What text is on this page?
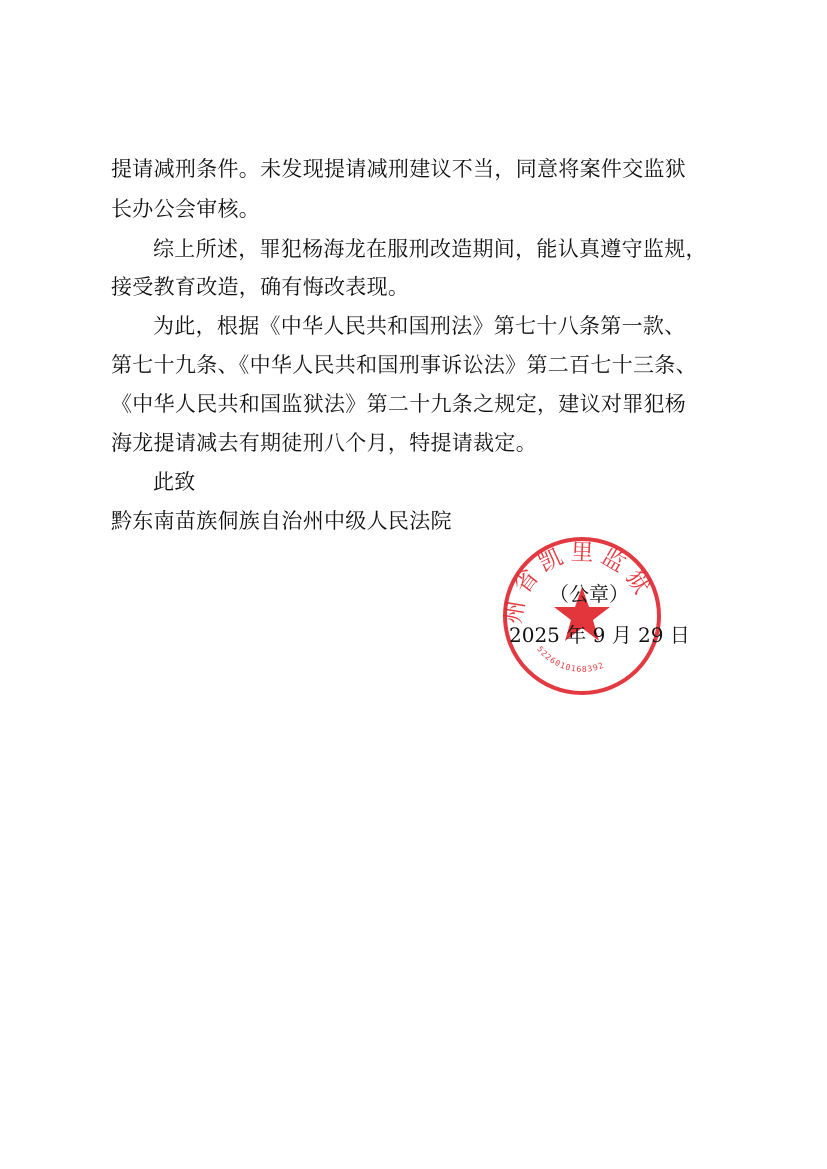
提请减刑条件。未发现提请减刑建议不当，同意将案件交监狱
长办公会审核。
综上所述，罪犯杨海龙在服刑改造期间，能认真遵守监规，
接受教育改造，确有悔改表现。
为此，根据《中华人民共和国刑法》第七十八条第一款、
第七十九条、《中华人民共和国刑事诉讼法》第二百七十三条、
《中华人民共和国监狱法》第二十九条之规定，建议对罪犯杨
海龙提请减去有期徒刑八个月，特提请裁定。
此致
黔东南苗族侗族自治州中级人民法院
州省凯里监狱
5226010168392
（公章）
2025 年 9 月 29 日
